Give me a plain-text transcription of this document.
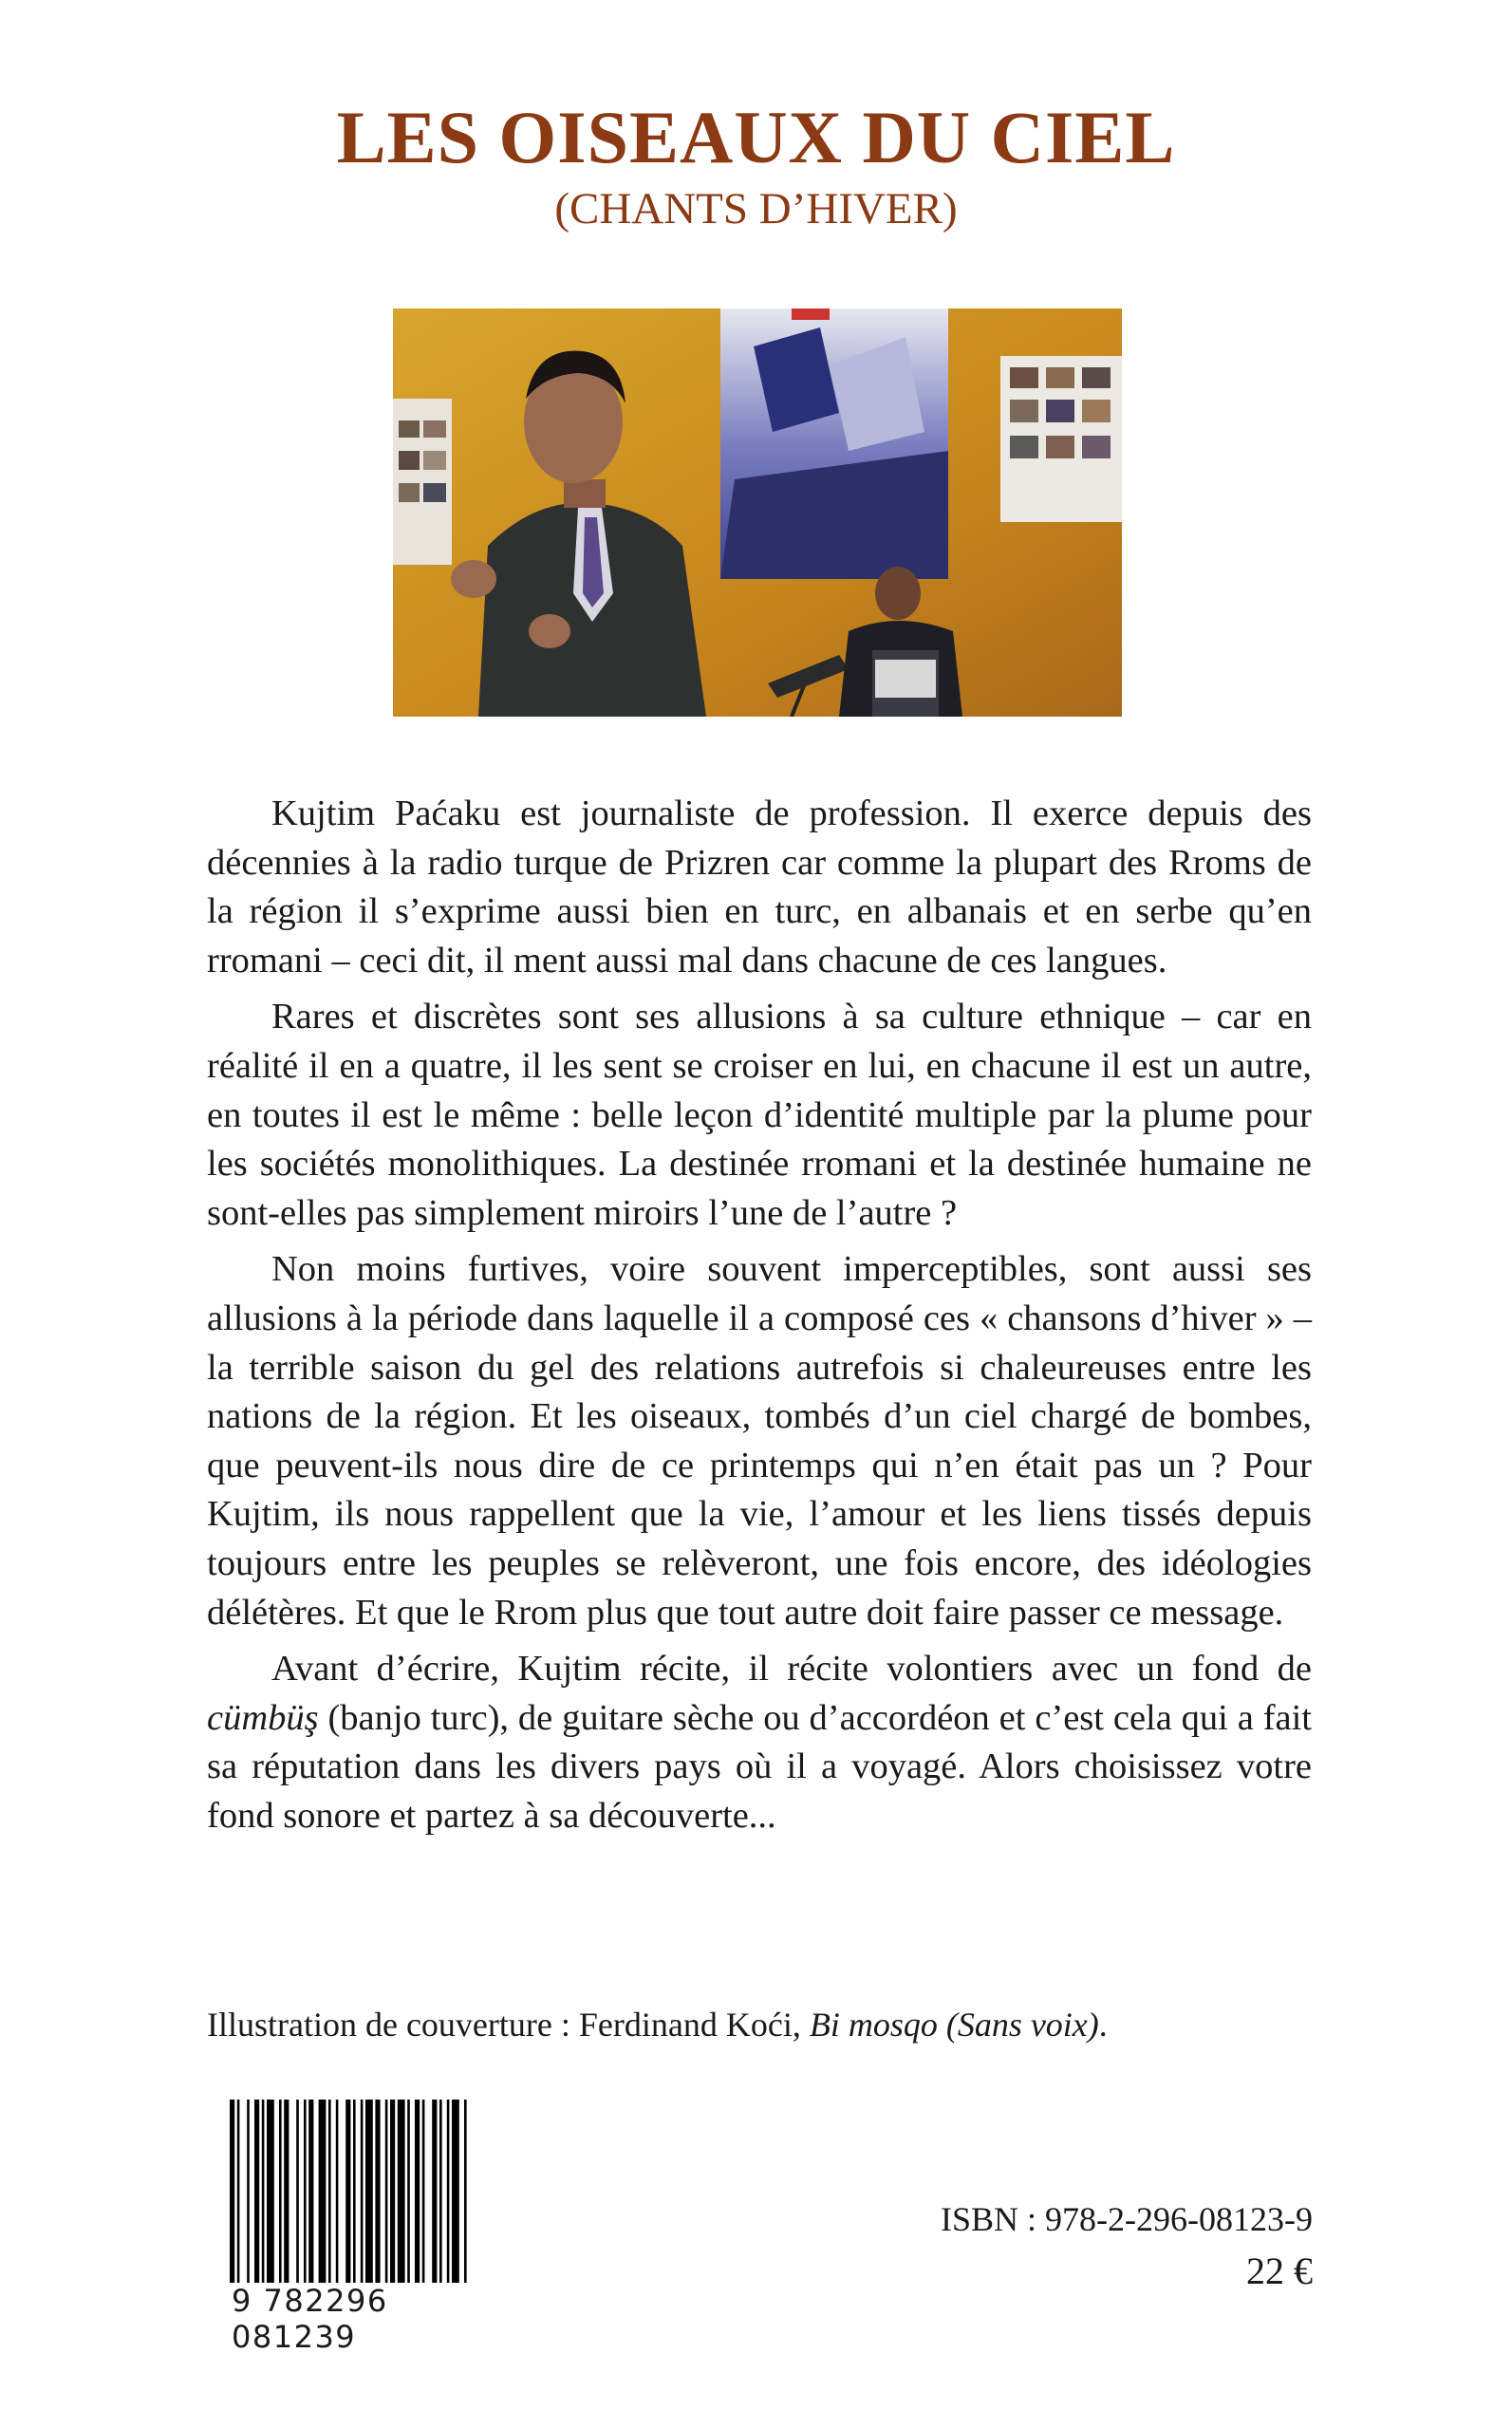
LES OISEAUX DU CIEL
(CHANTS D’HIVER)

Kujtim Paćaku est journaliste de profession. Il exerce depuis des décennies à la radio turque de Prizren car comme la plupart des Rroms de la région il s’exprime aussi bien en turc, en albanais et en serbe qu’en rromani – ceci dit, il ment aussi mal dans chacune de ces langues.

Rares et discrètes sont ses allusions à sa culture ethnique – car en réalité il en a quatre, il les sent se croiser en lui, en chacune il est un autre, en toutes il est le même : belle leçon d’identité multiple par la plume pour les sociétés monolithiques. La destinée rromani et la destinée humaine ne sont-elles pas simplement miroirs l’une de l’autre ?

Non moins furtives, voire souvent imperceptibles, sont aussi ses allusions à la période dans laquelle il a composé ces « chansons d’hiver » – la terrible saison du gel des relations autrefois si chaleureuses entre les nations de la région. Et les oiseaux, tombés d’un ciel chargé de bombes, que peuvent-ils nous dire de ce printemps qui n’en était pas un ? Pour Kujtim, ils nous rappellent que la vie, l’amour et les liens tissés depuis toujours entre les peuples se relèveront, une fois encore, des idéologies délétères. Et que le Rrom plus que tout autre doit faire passer ce message.

Avant d’écrire, Kujtim récite, il récite volontiers avec un fond de cümbüş (banjo turc), de guitare sèche ou d’accordéon et c’est cela qui a fait sa réputation dans les divers pays où il a voyagé. Alors choisissez votre fond sonore et partez à sa découverte...

Illustration de couverture : Ferdinand Koći, Bi mosqo (Sans voix).
9 782296 081239
ISBN : 978-2-296-08123-9
22 €
